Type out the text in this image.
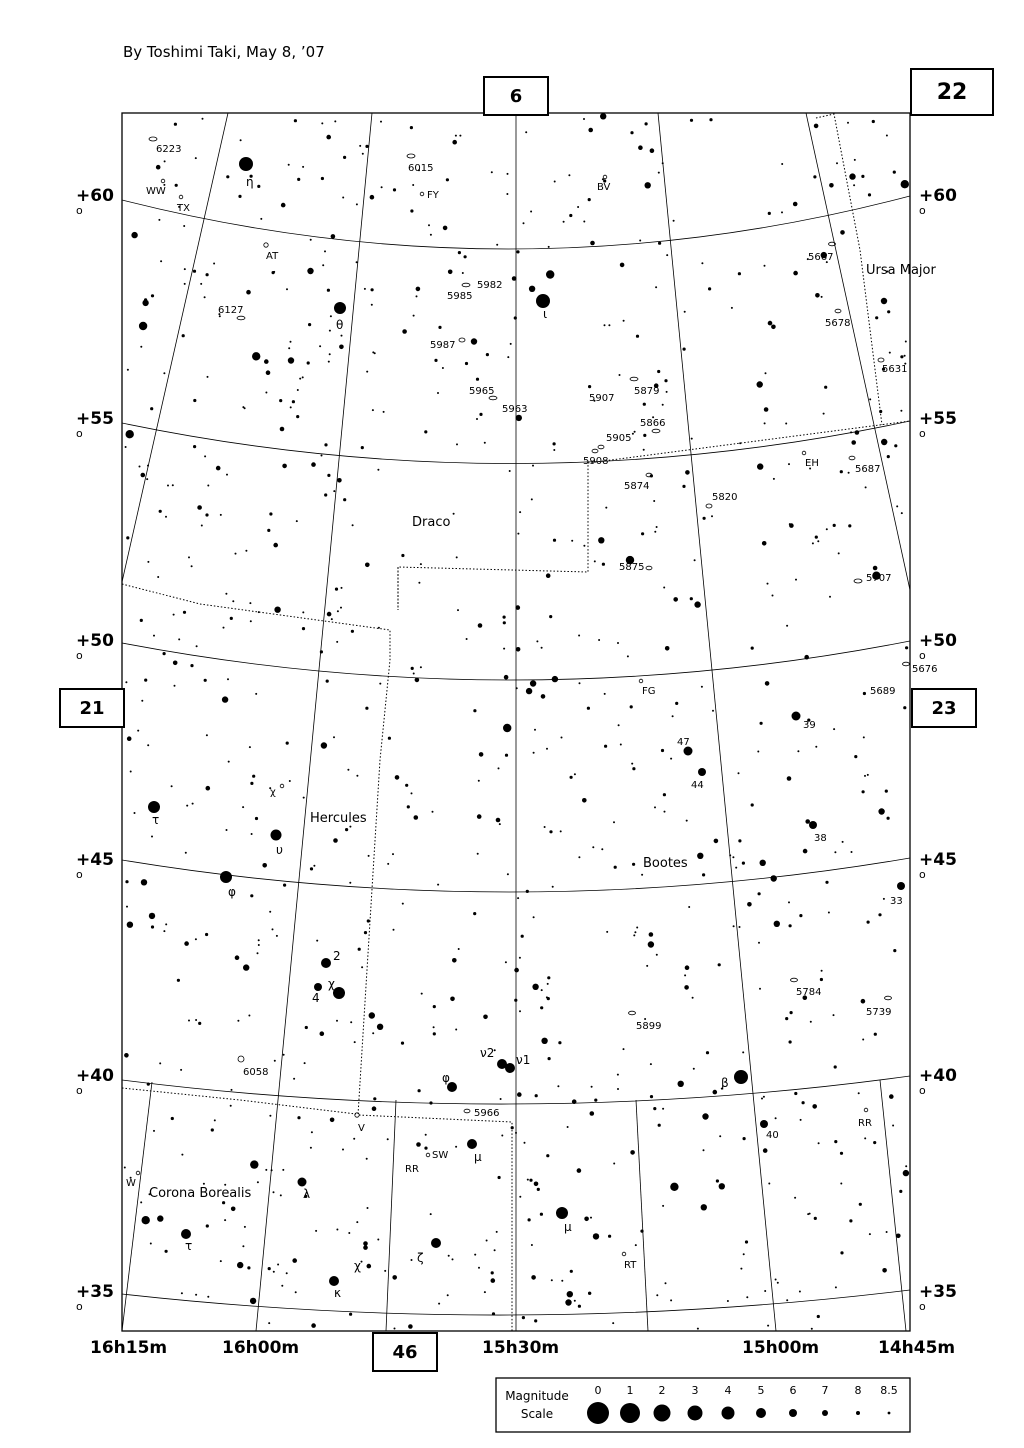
By Toshimi Taki, May 8, ’07
η
θ
ι
τ
υ
φ
χ
2
4
φ
ν2 ν1
β
μ
μ
ζ
λ
κ
τ
χ
47
44
39
38
33
40
WW
TX
AT
FY
BV
EH
FG
χ
W
V
RR
SW
RT
RR
6223
6015
6127
5982
5985
5987
5965
5963
5907
5879
5866
5905
5908
5874
5820
5875
5667
5678
5631
5687
5707
5676
5689
5784
5739
5899
6058
5966
Draco
Ursa Major
Hercules
Bootes
Corona Borealis
Magnitude
Scale
0 1 2 3 4 5 6 7 8 8.5
6	22
21	23
46
+60
o
+55
o
+50
o
+45
o
+40
o
+35
o
+60
o
+55
o
+50
o
+45
o
+40
o
+35
o
16h15m	16h00m	15h30m	15h00m	14h45m
